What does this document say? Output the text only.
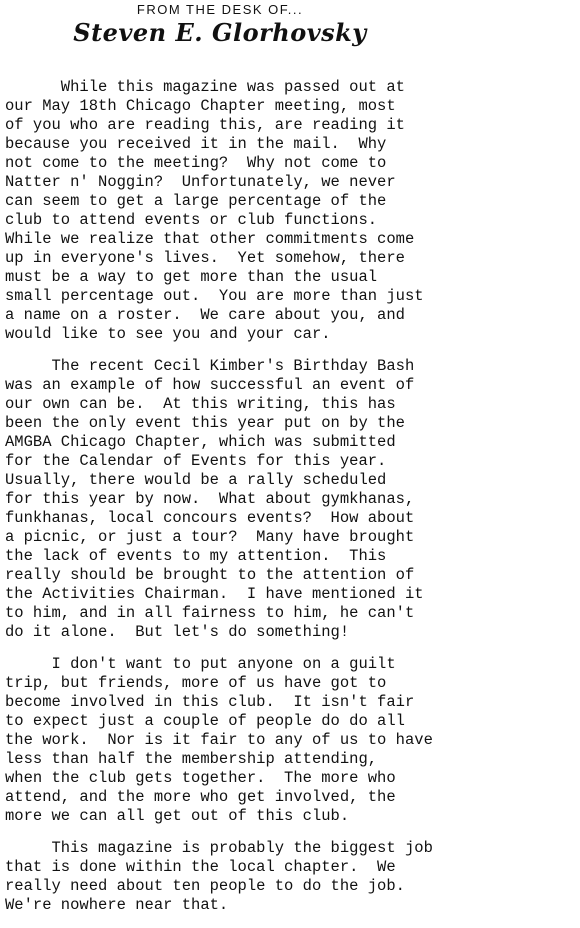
FROM THE DESK OF...
Steven E. Glorhovsky
While this magazine was passed out at
our May 18th Chicago Chapter meeting, most
of you who are reading this, are reading it
because you received it in the mail.  Why
not come to the meeting?  Why not come to
Natter n' Noggin?  Unfortunately, we never
can seem to get a large percentage of the
club to attend events or club functions.
While we realize that other commitments come
up in everyone's lives.  Yet somehow, there
must be a way to get more than the usual
small percentage out.  You are more than just
a name on a roster.  We care about you, and
would like to see you and your car.
The recent Cecil Kimber's Birthday Bash
was an example of how successful an event of
our own can be.  At this writing, this has
been the only event this year put on by the
AMGBA Chicago Chapter, which was submitted
for the Calendar of Events for this year.
Usually, there would be a rally scheduled
for this year by now.  What about gymkhanas,
funkhanas, local concours events?  How about
a picnic, or just a tour?  Many have brought
the lack of events to my attention.  This
really should be brought to the attention of
the Activities Chairman.  I have mentioned it
to him, and in all fairness to him, he can't
do it alone.  But let's do something!
I don't want to put anyone on a guilt
trip, but friends, more of us have got to
become involved in this club.  It isn't fair
to expect just a couple of people do do all
the work.  Nor is it fair to any of us to have
less than half the membership attending,
when the club gets together.  The more who
attend, and the more who get involved, the
more we can all get out of this club.
This magazine is probably the biggest job
that is done within the local chapter.  We
really need about ten people to do the job.
We're nowhere near that.
